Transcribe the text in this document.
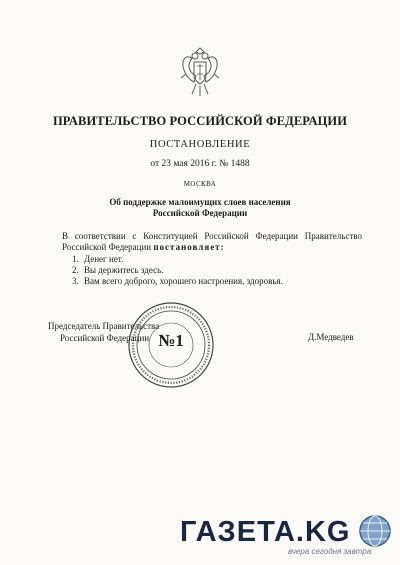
ПРАВИТЕЛЬСТВО РОССИЙСКОЙ ФЕДЕРАЦИИ
ПОСТАНОВЛЕНИЕ
от 23 мая 2016 г. № 1488
МОСКВА
Об поддержке малоимущих слоев населения
Российской Федерации
В соответствии с Конституцией Российской Федерации Правительство Российской Федерации постановляет:
1. Денег нет.
2. Вы держитесь здесь.
3. Вам всего доброго, хорошего настроения, здоровья.
№1
Председатель Правительства
Российской Федерации	Д.Медведев
ГАЗЕТА.KG
вчера сегодня завтра
